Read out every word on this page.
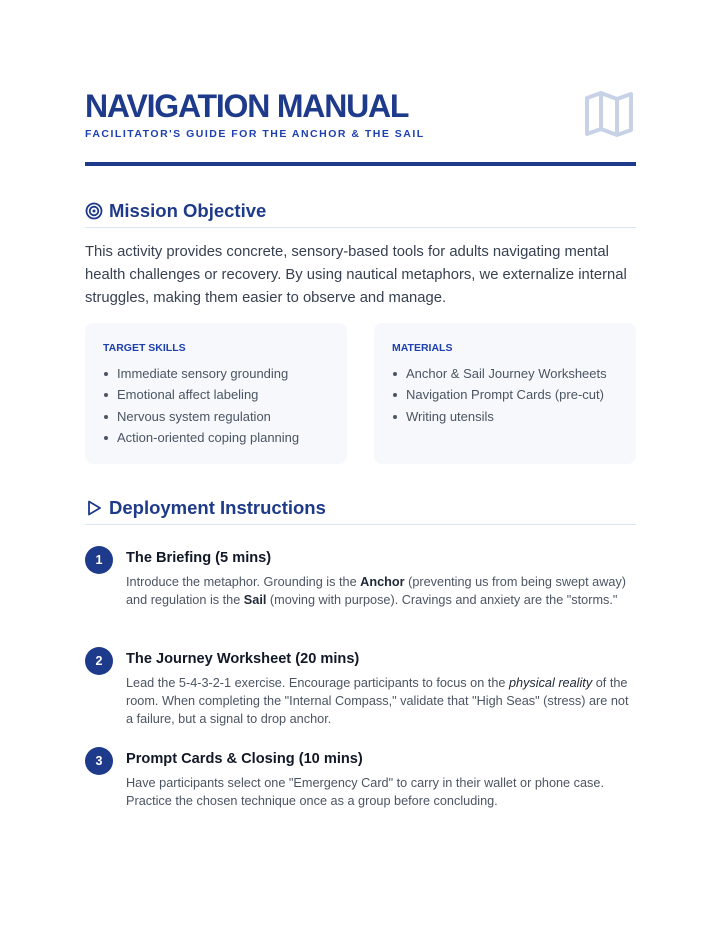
NAVIGATION MANUAL
FACILITATOR'S GUIDE FOR THE ANCHOR & THE SAIL
Mission Objective

This activity provides concrete, sensory-based tools for adults navigating mental health challenges or recovery. By using nautical metaphors, we externalize internal struggles, making them easier to observe and manage.

TARGET SKILLS
Immediate sensory grounding
Emotional affect labeling
Nervous system regulation
Action-oriented coping planning
MATERIALS
Anchor & Sail Journey Worksheets
Navigation Prompt Cards (pre-cut)
Writing utensils
Deployment Instructions
1	The Briefing (5 mins)

Introduce the metaphor. Grounding is the Anchor (preventing us from being swept away) and regulation is the Sail (moving with purpose). Cravings and anxiety are the "storms."

2	The Journey Worksheet (20 mins)

Lead the 5-4-3-2-1 exercise. Encourage participants to focus on the physical reality of the room. When completing the "Internal Compass," validate that "High Seas" (stress) are not a failure, but a signal to drop anchor.

3	Prompt Cards & Closing (10 mins)

Have participants select one "Emergency Card" to carry in their wallet or phone case. Practice the chosen technique once as a group before concluding.
